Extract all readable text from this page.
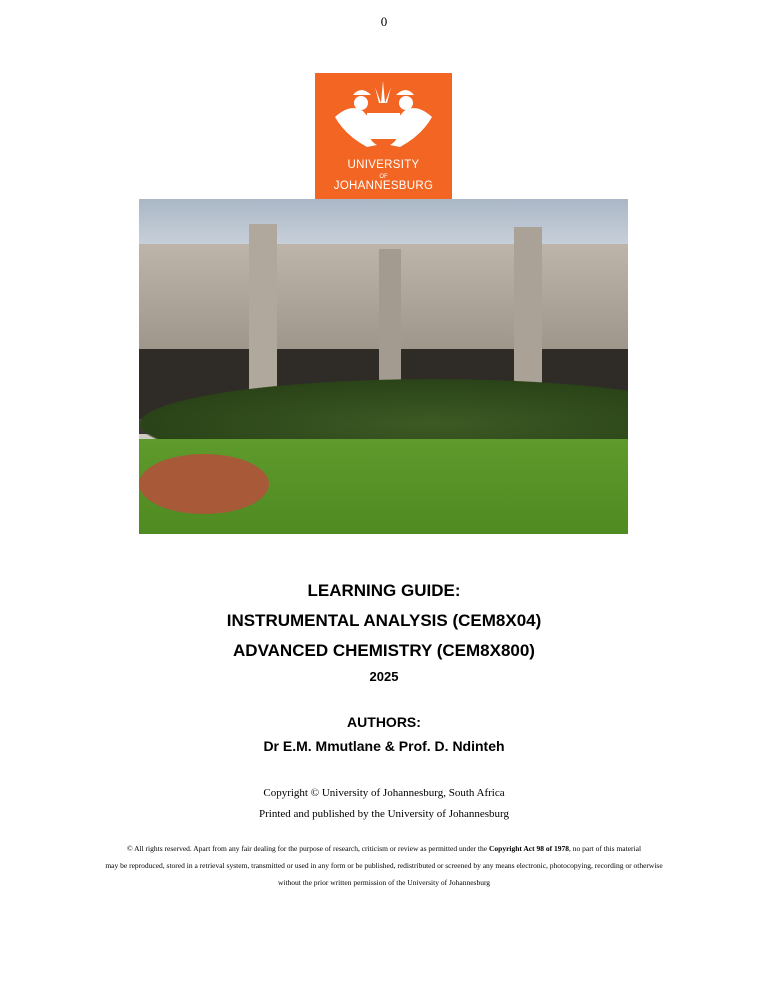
0
UNIVERSITY
OF
JOHANNESBURG
LEARNING GUIDE:
INSTRUMENTAL ANALYSIS (CEM8X04)
ADVANCED CHEMISTRY (CEM8X800)
2025
AUTHORS:
Dr E.M. Mmutlane & Prof. D. Ndinteh
Copyright © University of Johannesburg, South Africa
Printed and published by the University of Johannesburg
© All rights reserved. Apart from any fair dealing for the purpose of research, criticism or review as permitted under the Copyright Act 98 of 1978, no part of this material
may be reproduced, stored in a retrieval system, transmitted or used in any form or be published, redistributed or screened by any means electronic, photocopying, recording or otherwise
without the prior written permission of the University of Johannesburg
